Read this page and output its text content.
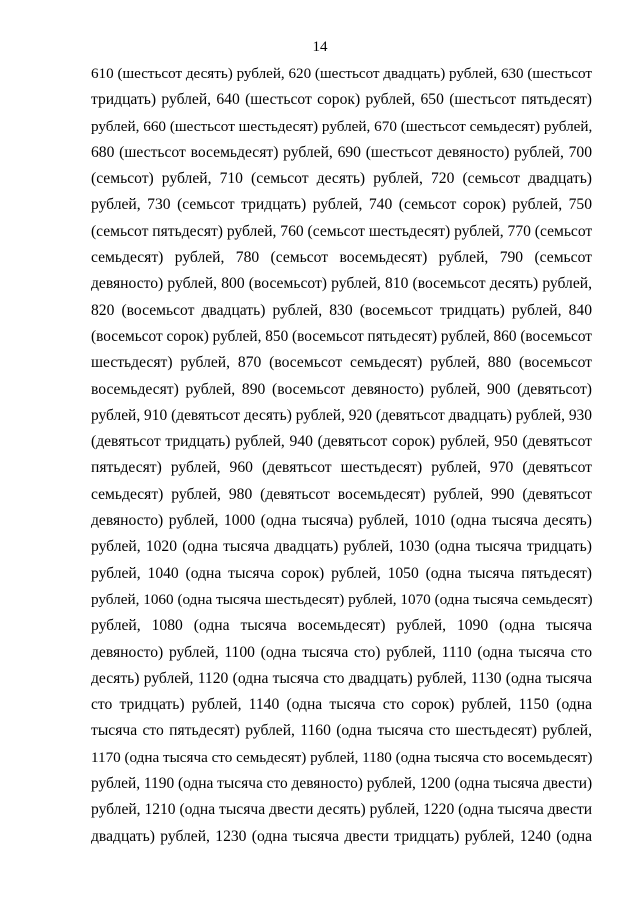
14
610 (шестьсот десять) рублей, 620 (шестьсот двадцать) рублей, 630 (шестьсот
тридцать) рублей, 640 (шестьсот сорок) рублей, 650 (шестьсот пятьдесят)
рублей, 660 (шестьсот шестьдесят) рублей, 670 (шестьсот семьдесят) рублей,
680 (шестьсот восемьдесят) рублей, 690 (шестьсот девяносто) рублей, 700
(семьсот) рублей, 710 (семьсот десять) рублей, 720 (семьсот двадцать)
рублей, 730 (семьсот тридцать) рублей, 740 (семьсот сорок) рублей, 750
(семьсот пятьдесят) рублей, 760 (семьсот шестьдесят) рублей, 770 (семьсот
семьдесят) рублей, 780 (семьсот восемьдесят) рублей, 790 (семьсот
девяносто) рублей, 800 (восемьсот) рублей, 810 (восемьсот десять) рублей,
820 (восемьсот двадцать) рублей, 830 (восемьсот тридцать) рублей, 840
(восемьсот сорок) рублей, 850 (восемьсот пятьдесят) рублей, 860 (восемьсот
шестьдесят) рублей, 870 (восемьсот семьдесят) рублей, 880 (восемьсот
восемьдесят) рублей, 890 (восемьсот девяносто) рублей, 900 (девятьсот)
рублей, 910 (девятьсот десять) рублей, 920 (девятьсот двадцать) рублей, 930
(девятьсот тридцать) рублей, 940 (девятьсот сорок) рублей, 950 (девятьсот
пятьдесят) рублей, 960 (девятьсот шестьдесят) рублей, 970 (девятьсот
семьдесят) рублей, 980 (девятьсот восемьдесят) рублей, 990 (девятьсот
девяносто) рублей, 1000 (одна тысяча) рублей, 1010 (одна тысяча десять)
рублей, 1020 (одна тысяча двадцать) рублей, 1030 (одна тысяча тридцать)
рублей, 1040 (одна тысяча сорок) рублей, 1050 (одна тысяча пятьдесят)
рублей, 1060 (одна тысяча шестьдесят) рублей, 1070 (одна тысяча семьдесят)
рублей, 1080 (одна тысяча восемьдесят) рублей, 1090 (одна тысяча
девяносто) рублей, 1100 (одна тысяча сто) рублей, 1110 (одна тысяча сто
десять) рублей, 1120 (одна тысяча сто двадцать) рублей, 1130 (одна тысяча
сто тридцать) рублей, 1140 (одна тысяча сто сорок) рублей, 1150 (одна
тысяча сто пятьдесят) рублей, 1160 (одна тысяча сто шестьдесят) рублей,
1170 (одна тысяча сто семьдесят) рублей, 1180 (одна тысяча сто восемьдесят)
рублей, 1190 (одна тысяча сто девяносто) рублей, 1200 (одна тысяча двести)
рублей, 1210 (одна тысяча двести десять) рублей, 1220 (одна тысяча двести
двадцать) рублей, 1230 (одна тысяча двести тридцать) рублей, 1240 (одна
